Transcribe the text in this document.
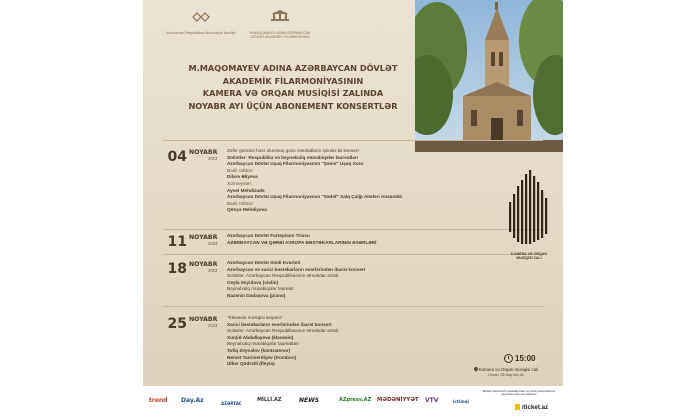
Azərbaycan Respublikası Mədəniyyət Nazirliyi	M.MAQOMAYEV ADINA AZƏRBAYCAN DÖVLƏT AKADEMİK FİLARMONİYASI
M.MAQOMAYEV ADINA AZƏRBAYCAN DÖVLƏT
AKADEMİK FİLARMONİYASININ
KAMERA VƏ ORQAN MUSİQİSİ ZALINDA
NOYABR AYI ÜÇÜN ABONEMENT KONSERTLƏR
04 NOYABR
2023
Zəfər gününə həsr olunmuş gənc istedadların iştirakı ilə konsert
Solistlər: Respublika və beynəlxalq müsabiqələr laureatları
Azərbaycan Dövlət Uşaq Filarmoniyasının "Şəms" Uşaq Xoru
Bədii rəhbər:
Dilarə Əliyeva
Xormeyster:
Aysel Mehdizadə
Azərbaycan Dövlət Uşaq Filarmoniyasının "Sədəf" Xalq Çalğı Alətləri Ansamblı
Bədii rəhbər:
Qönçə Mehdiyeva
11 NOYABR
2023
Azərbaycan Dövlət Fortepiano Triosu
AZƏRBAYCAN VƏ QƏRBİ AVROPA BƏSTƏKARLARININ ƏSƏRLƏRİ
18 NOYABR
2023
Azərbaycan Dövlət Simli Kvarteti
Azərbaycan və xarici bəstəkarların əsərlərindən ibarət konsert
Solistlər: Azərbaycan Respublikasının Əməkdar artisti
Ceyla Seyidova (violin)
Beynəlxalq müsabiqələr laureatı
Nazənin Dadaşova (piano)
25 NOYABR
2023
"Klavesin musiqisi axşamı"
Xarici bəstəkarların əsərlərindən ibarət konsert
Solistlər: Azərbaycan Respublikasının Əməkdar artisti
Xurşid Abdullayeva (klavesin)
Beynəlxalq müsabiqələr laureatları
Tofiq Zeynalov (kontratenor)
Nemət Tanrıverdiyev (trombon)
Ülkər Qüdrətli (fleyta)
KAMERA VƏ ORQAN
MUSİQİSİ ZALI
15:00
Kamera və Orqan musiqisi zalı
Ünvan: 28 May küç.41
trend Day.Az	AZƏRTAC
MİLLİ.AZ	NEWS	AZpress.AZ MƏDƏNİYYƏT VTV	ictimai
Biletləri şəhərimizin kassalarından və online www.iticket.az saytından əldə edə bilərsiniz
iticket.az
